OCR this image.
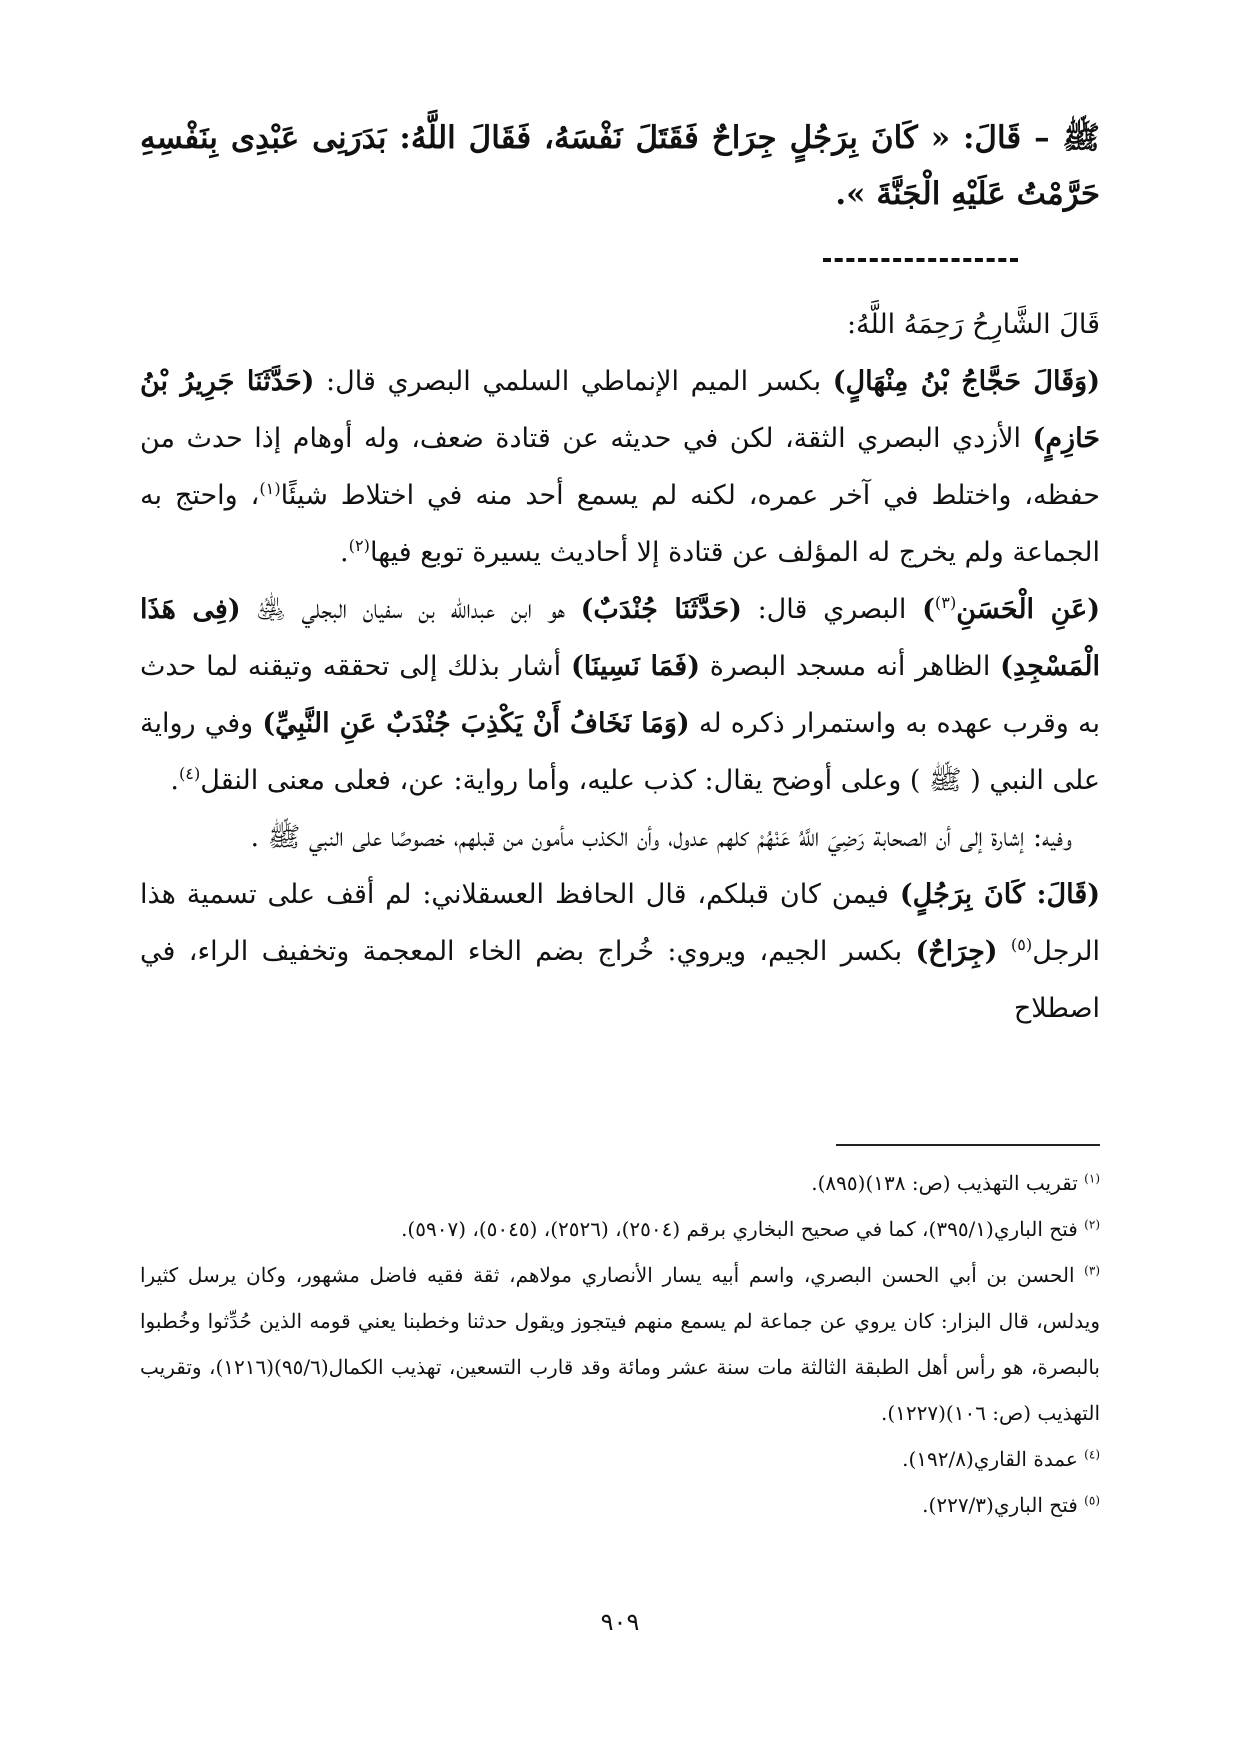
ﷺ – قَالَ: « كَانَ بِرَجُلٍ جِرَاحٌ فَقَتَلَ نَفْسَهُ، فَقَالَ اللَّهُ: بَدَرَنِى عَبْدِى بِنَفْسِهِ حَرَّمْتُ عَلَيْهِ الْجَنَّةَ ».

قَالَ الشَّارِحُ رَحِمَهُ اللَّهُ:

(وَقَالَ حَجَّاجُ بْنُ مِنْهَالٍ) بكسر الميم الإنماطي السلمي البصري قال: (حَدَّثَنَا جَرِيرُ بْنُ حَازِمٍ) الأزدي البصري الثقة، لكن في حديثه عن قتادة ضعف، وله أوهام إذا حدث من حفظه، واختلط في آخر عمره، لكنه لم يسمع أحد منه في اختلاط شيئًا$^{(١)}$، واحتج به الجماعة ولم يخرج له المؤلف عن قتادة إلا أحاديث يسيرة توبع فيها$^{(٢)}$.

(عَنِ الْحَسَنِ$^{(٣)}$) البصري قال: (حَدَّثَنَا جُنْدَبٌ) هو ابن عبدالله بن سفيان البجلي ﵁ (فِى هَذَا الْمَسْجِدِ) الظاهر أنه مسجد البصرة (فَمَا نَسِينَا) أشار بذلك إلى تحققه وتيقنه لما حدث به وقرب عهده به واستمرار ذكره له (وَمَا نَخَافُ أَنْ يَكْذِبَ جُنْدَبٌ عَنِ النَّبِيِّ) وفي رواية على النبي ( ﷺ ) وعلى أوضح يقال: كذب عليه، وأما رواية: عن، فعلى معنى النقل$^{(٤)}$.

وفيه: إشارة إلى أن الصحابة رَضِيَ اللَّهُ عَنْهُمْ كلهم عدول، وأن الكذب مأمون من قبلهم، خصوصًا على النبي ﷺ .

(قَالَ: كَانَ بِرَجُلٍ) فيمن كان قبلكم، قال الحافظ العسقلاني: لم أقف على تسمية هذا الرجل$^{(٥)}$ (جِرَاحٌ) بكسر الجيم، ويروي: خُراج بضم الخاء المعجمة وتخفيف الراء، في اصطلاح

$^{(١)}$ تقريب التهذيب (ص: ١٣٨)(٨٩٥).

$^{(٢)}$ فتح الباري(٣٩٥/١)، كما في صحيح البخاري برقم (٢٥٠٤)، (٢٥٢٦)، (٥٠٤٥)، (٥٩٠٧).

$^{(٣)}$ الحسن بن أبي الحسن البصري، واسم أبيه يسار الأنصاري مولاهم، ثقة فقيه فاضل مشهور، وكان يرسل كثيرا ويدلس، قال البزار: كان يروي عن جماعة لم يسمع منهم فيتجوز ويقول حدثنا وخطبنا يعني قومه الذين حُدِّثوا وخُطبوا بالبصرة، هو رأس أهل الطبقة الثالثة مات سنة عشر ومائة وقد قارب التسعين، تهذيب الكمال(٩٥/٦)(١٢١٦)، وتقريب التهذيب (ص: ١٠٦)(١٢٢٧).

$^{(٤)}$ عمدة القاري(١٩٢/٨).

$^{(٥)}$ فتح الباري(٢٢٧/٣).

٩٠٩
